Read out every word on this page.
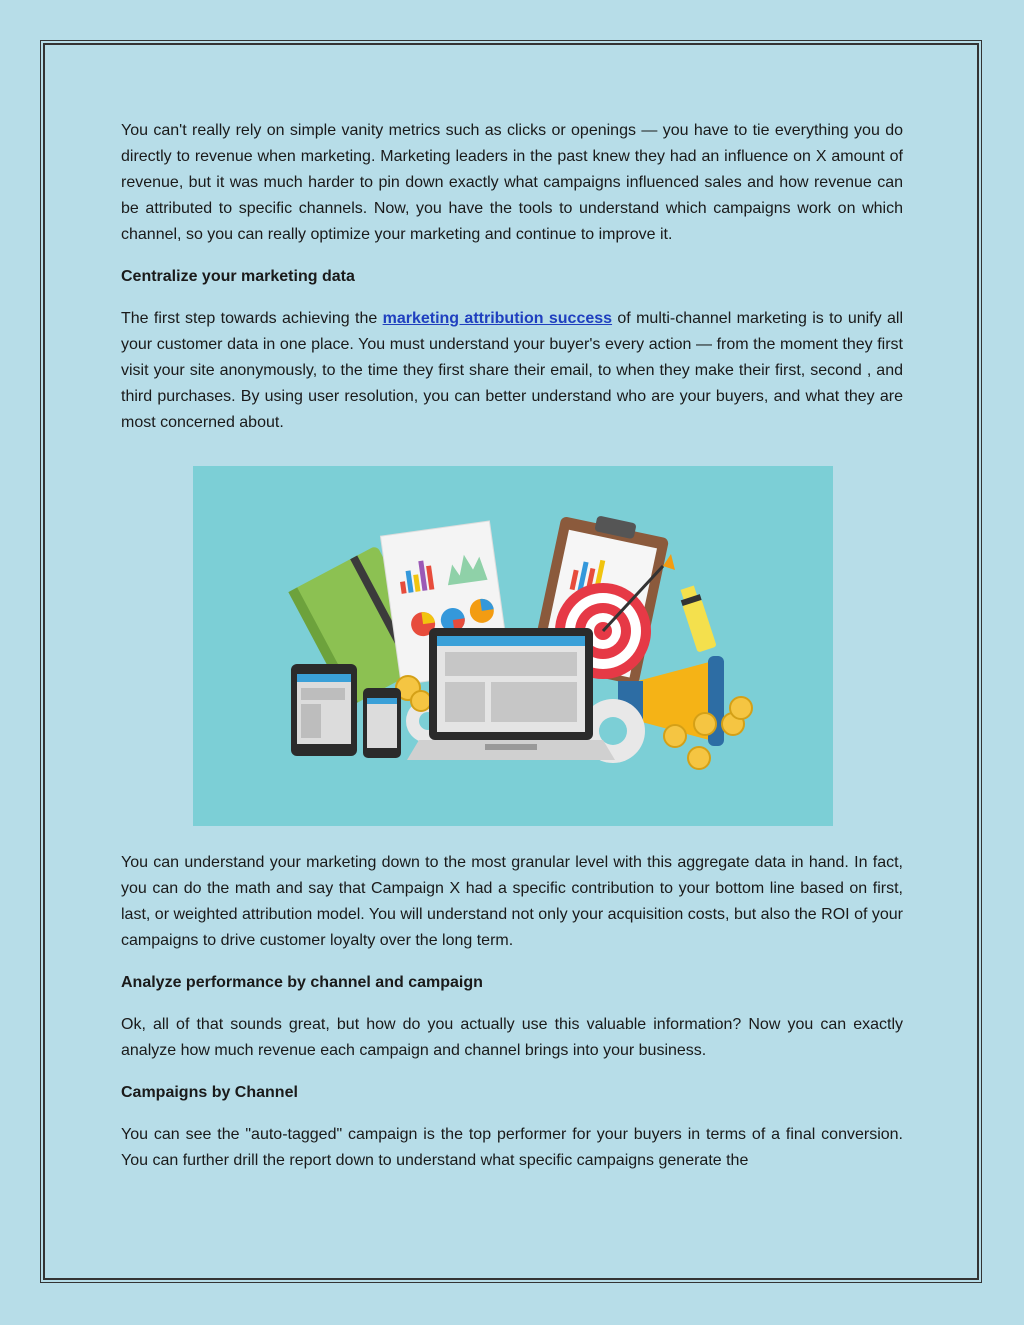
You can't really rely on simple vanity metrics such as clicks or openings — you have to tie everything you do directly to revenue when marketing. Marketing leaders in the past knew they had an influence on X amount of revenue, but it was much harder to pin down exactly what campaigns influenced sales and how revenue can be attributed to specific channels. Now, you have the tools to understand which campaigns work on which channel, so you can really optimize your marketing and continue to improve it.

Centralize your marketing data

The first step towards achieving the marketing attribution success of multi-channel marketing is to unify all your customer data in one place. You must understand your buyer's every action — from the moment they first visit your site anonymously, to the time they first share their email, to when they make their first, second , and third purchases. By using user resolution, you can better understand who are your buyers, and what they are most concerned about.

You can understand your marketing down to the most granular level with this aggregate data in hand. In fact, you can do the math and say that Campaign X had a specific contribution to your bottom line based on first, last, or weighted attribution model. You will understand not only your acquisition costs, but also the ROI of your campaigns to drive customer loyalty over the long term.

Analyze performance by channel and campaign

Ok, all of that sounds great, but how do you actually use this valuable information? Now you can exactly analyze how much revenue each campaign and channel brings into your business.

Campaigns by Channel

You can see the "auto-tagged" campaign is the top performer for your buyers in terms of a final conversion. You can further drill the report down to understand what specific campaigns generate the
